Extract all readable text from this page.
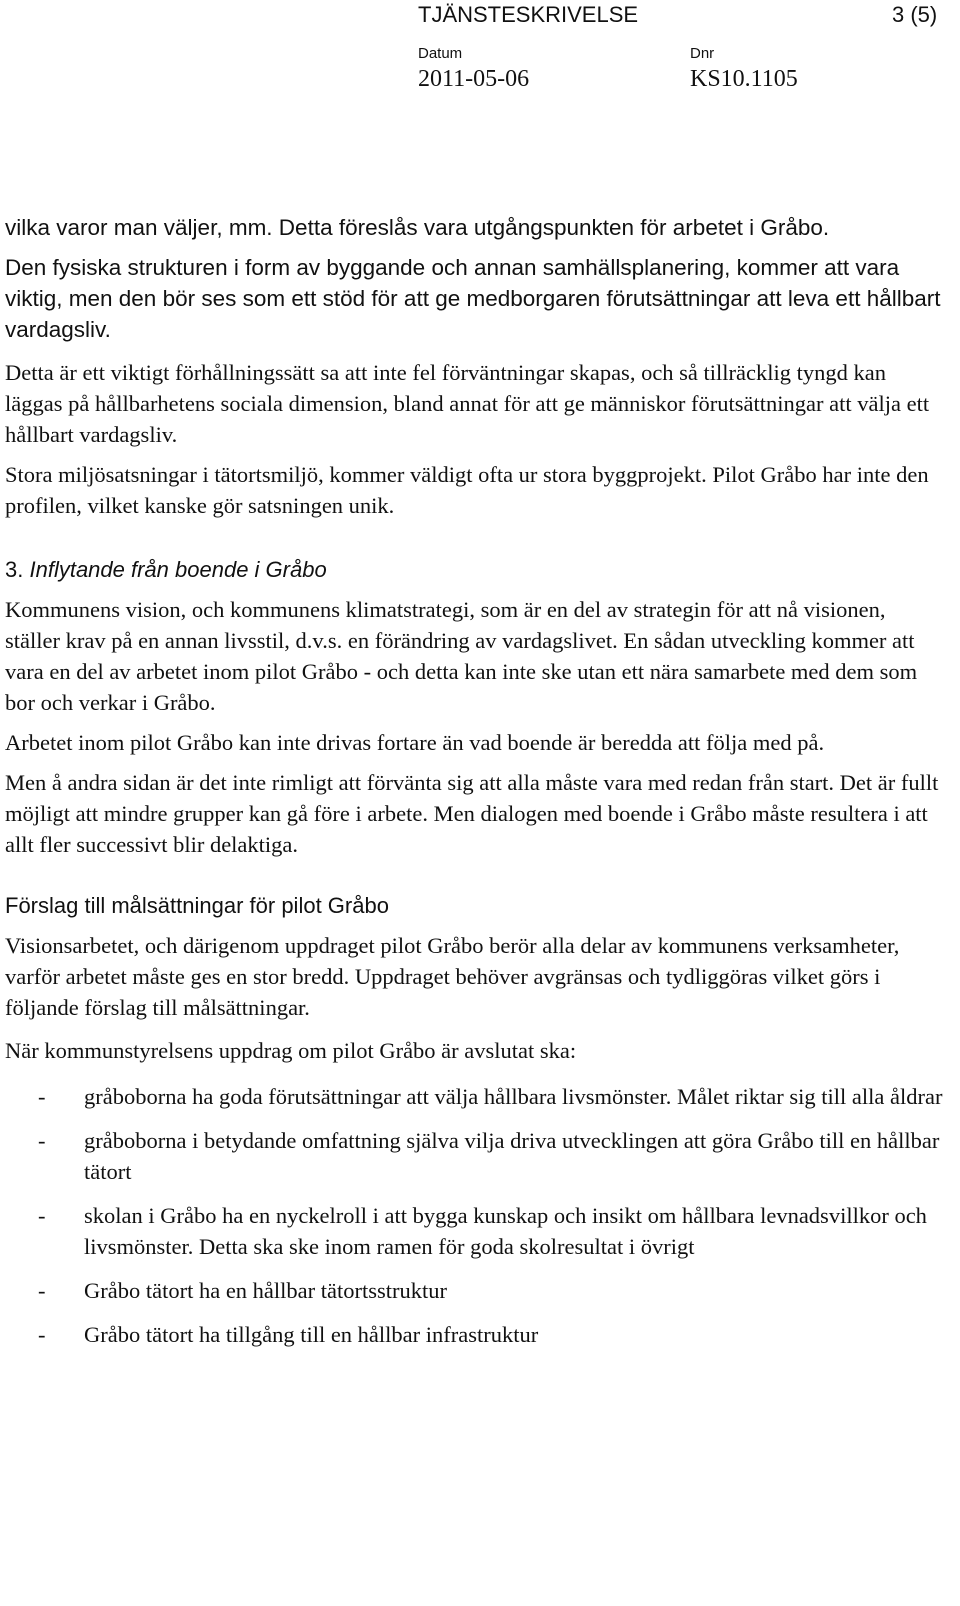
TJÄNSTESKRIVELSE	3 (5)
Datum	Dnr
2011-05-06	KS10.1105

vilka varor man väljer, mm. Detta föreslås vara utgångspunkten för arbetet i Gråbo.

Den fysiska strukturen i form av byggande och annan samhällsplanering, kommer att vara viktig, men den bör ses som ett stöd för att ge medborgaren förutsättningar att leva ett hållbart vardagsliv.

Detta är ett viktigt förhållningssätt sa att inte fel förväntningar skapas, och så tillräcklig tyngd kan läggas på hållbarhetens sociala dimension, bland annat för att ge människor förutsättningar att välja ett hållbart vardagsliv.

Stora miljösatsningar i tätortsmiljö, kommer väldigt ofta ur stora byggprojekt. Pilot Gråbo har inte den profilen, vilket kanske gör satsningen unik.

3. Inflytande från boende i Gråbo

Kommunens vision, och kommunens klimatstrategi, som är en del av strategin för att nå visionen, ställer krav på en annan livsstil, d.v.s. en förändring av vardagslivet. En sådan utveckling kommer att vara en del av arbetet inom pilot Gråbo - och detta kan inte ske utan ett nära samarbete med dem som bor och verkar i Gråbo.

Arbetet inom pilot Gråbo kan inte drivas fortare än vad boende är beredda att följa med på.

Men å andra sidan är det inte rimligt att förvänta sig att alla måste vara med redan från start. Det är fullt möjligt att mindre grupper kan gå före i arbete. Men dialogen med boende i Gråbo måste resultera i att allt fler successivt blir delaktiga.

Förslag till målsättningar för pilot Gråbo

Visionsarbetet, och därigenom uppdraget pilot Gråbo berör alla delar av kommunens verksamheter, varför arbetet måste ges en stor bredd. Uppdraget behöver avgränsas och tydliggöras vilket görs i följande förslag till målsättningar.

När kommunstyrelsens uppdrag om pilot Gråbo är avslutat ska:

- gråboborna ha goda förutsättningar att välja hållbara livsmönster. Målet riktar sig till alla åldrar
- gråboborna i betydande omfattning själva vilja driva utvecklingen att göra Gråbo till en hållbar tätort
- skolan i Gråbo ha en nyckelroll i att bygga kunskap och insikt om hållbara levnadsvillkor och livsmönster. Detta ska ske inom ramen för goda skolresultat i övrigt
- Gråbo tätort ha en hållbar tätortsstruktur
- Gråbo tätort ha tillgång till en hållbar infrastruktur
